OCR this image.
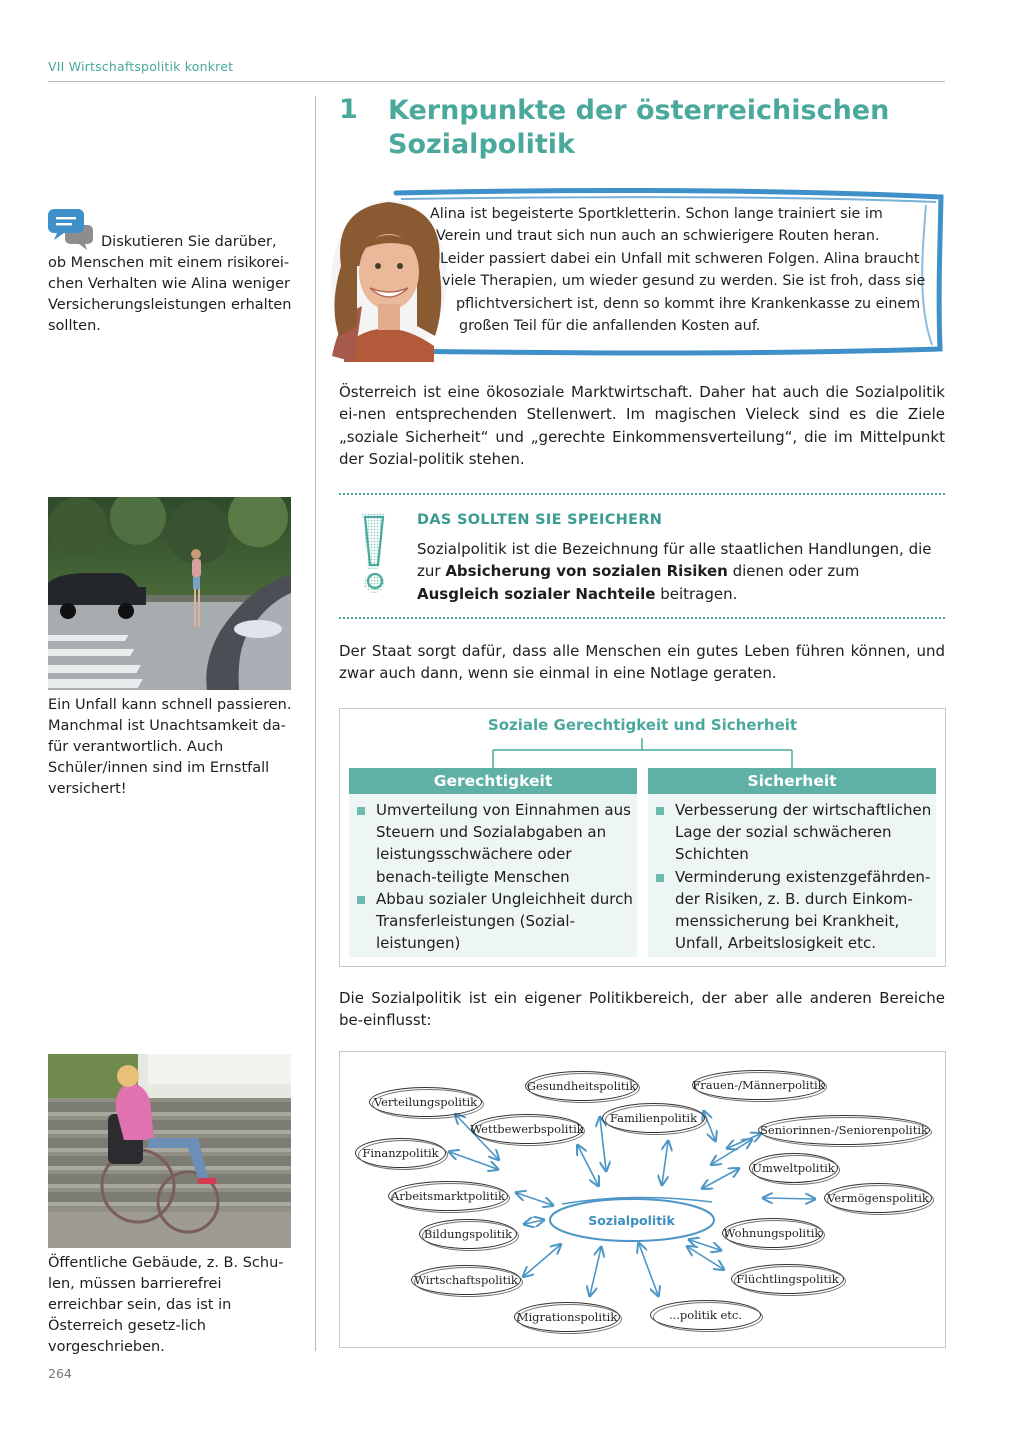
VII Wirtschaftspolitik konkret
1 Kernpunkte der österreichischen Sozialpolitik
Diskutieren Sie darüber,
ob Menschen mit einem risikorei-chen Verhalten wie Alina weniger Versicherungsleistungen erhalten sollten.
Ein Unfall kann schnell passieren. Manchmal ist Unachtsamkeit da-für verantwortlich. Auch Schüler/innen sind im Ernstfall versichert!
Öffentliche Gebäude, z. B. Schu-len, müssen barrierefrei erreichbar sein, das ist in Österreich gesetz-lich vorgeschrieben.
Alina ist begeisterte Sportkletterin. Schon lange trainiert sie im
Verein und traut sich nun auch an schwierigere Routen heran.
Leider passiert dabei ein Unfall mit schweren Folgen. Alina braucht
viele Therapien, um wieder gesund zu werden. Sie ist froh, dass sie
pflichtversichert ist, denn so kommt ihre Krankenkasse zu einem
großen Teil für die anfallenden Kosten auf.
Österreich ist eine ökosoziale Marktwirtschaft. Daher hat auch die Sozialpolitik ei-nen entsprechenden Stellenwert. Im magischen Vieleck sind es die Ziele „soziale Sicherheit“ und „gerechte Einkommensverteilung“, die im Mittelpunkt der Sozial-politik stehen.
DAS SOLLTEN SIE SPEICHERN
Sozialpolitik ist die Bezeichnung für alle staatlichen Handlungen, die zur Absicherung von sozialen Risiken dienen oder zum Ausgleich sozialer Nachteile beitragen.
Der Staat sorgt dafür, dass alle Menschen ein gutes Leben führen können, und zwar auch dann, wenn sie einmal in eine Notlage geraten.
Soziale Gerechtigkeit und Sicherheit
Gerechtigkeit	Sicherheit
Umverteilung von Einnahmen aus Steuern und Sozialabgaben an leistungsschwächere oder benach-teiligte Menschen
Abbau sozialer Ungleichheit durch Transferleistungen (Sozial-leistungen)
Verbesserung der wirtschaftlichen Lage der sozial schwächeren Schichten
Verminderung existenzgefährden-der Risiken, z. B. durch Einkom-menssicherung bei Krankheit, Unfall, Arbeitslosigkeit etc.
Die Sozialpolitik ist ein eigener Politikbereich, der aber alle anderen Bereiche be-einflusst:
Sozialpolitik
Verteilungspolitik
Gesundheitspolitik	Frauen-/Männerpolitik
Familienpolitik
Wettbewerbspolitik	Seniorinnen-/Seniorenpolitik
Finanzpolitik
Umweltpolitik
Arbeitsmarktpolitik	Vermögenspolitik
Bildungspolitik	Wohnungspolitik
Wirtschaftspolitik	Flüchtlingspolitik
Migrationspolitik	...politik etc.
264
